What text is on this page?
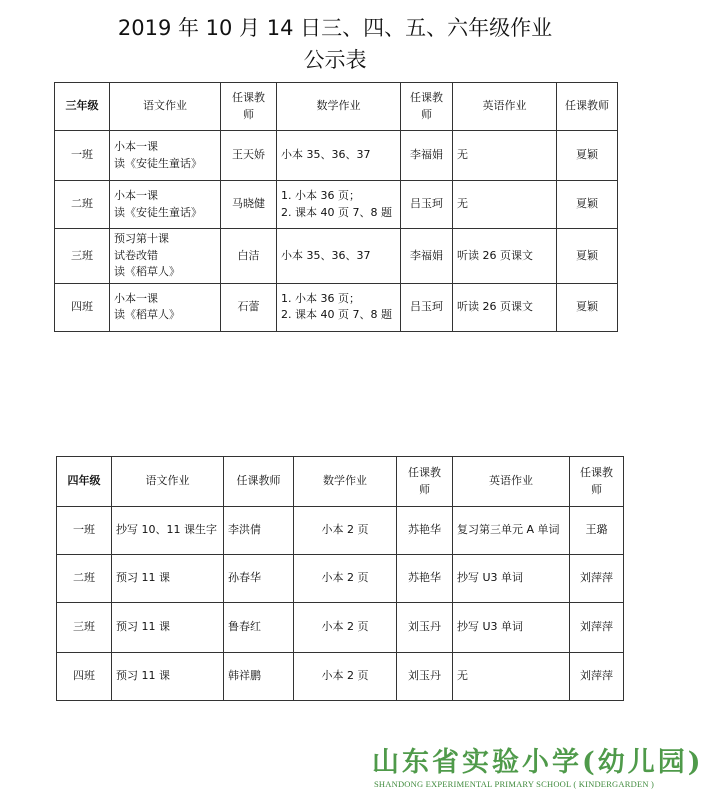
2019 年 10 月 14 日三、四、五、六年级作业
公示表
三年级	语文作业	任课教
师	数学作业	任课教
师	英语作业	任课教师
一班	小本一课
读《安徒生童话》	王天娇	小本 35、36、37	李福娟	无	夏颖
二班	小本一课
读《安徒生童话》	马晓健	1. 小本 36 页；
2. 课本 40 页 7、8 题	吕玉珂	无	夏颖
三班	预习第十课
试卷改错
读《稻草人》	白洁	小本 35、36、37	李福娟	听读 26 页课文	夏颖
四班	小本一课
读《稻草人》	石蕾	1. 小本 36 页；
2. 课本 40 页 7、8 题	吕玉珂	听读 26 页课文	夏颖
四年级	语文作业	任课教师	数学作业	任课教
师	英语作业	任课教
师
一班	抄写 10、11 课生字	李洪倩	小本 2 页	苏艳华	复习第三单元 A 单词	王璐
二班	预习 11 课	孙春华	小本 2 页	苏艳华	抄写 U3 单词	刘萍萍
三班	预习 11 课	鲁春红	小本 2 页	刘玉丹	抄写 U3 单词	刘萍萍
四班	预习 11 课	韩祥鹏	小本 2 页	刘玉丹	无	刘萍萍
山东省实验小学(幼儿园)
SHANDONG EXPERIMENTAL PRIMARY SCHOOL ( KINDERGARDEN )
